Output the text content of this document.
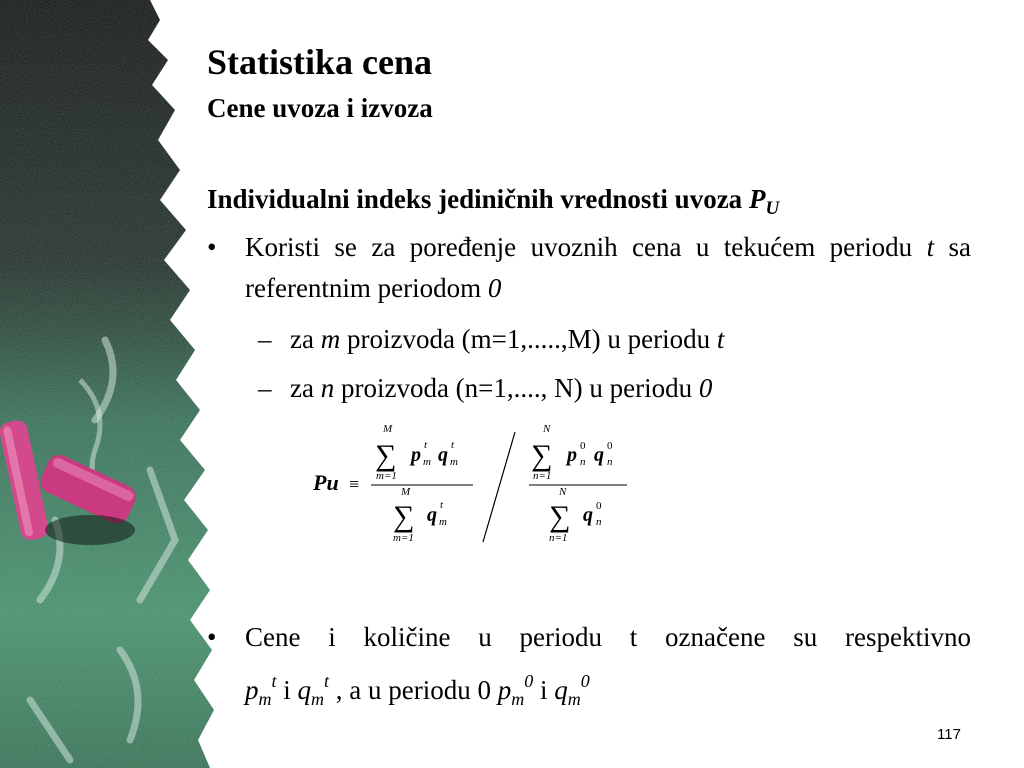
Statistika cena
Cene uvoza i izvoza
Individualni indeks jediničnih vrednosti uvoza $P_U$
• Koristi se za poređenje uvoznih cena u tekućem periodu t sa referentnim periodom 0
– za m proizvoda (m=1,.....,M) u periodu t
– za n proizvoda (n=1,...., N) u periodu 0
Pu ≡
M
∑
m=1
p t
m q t
m
M
∑
m=1
q t
m
N
∑
n=1
p 0
n q 0
n
N
∑
n=1
q 0
n
• Cene i količine u periodu t označene su respektivno
$p_m^t$ i $q_m^t$ , a u periodu 0 $p_m^0$ i $q_m^0$
117
